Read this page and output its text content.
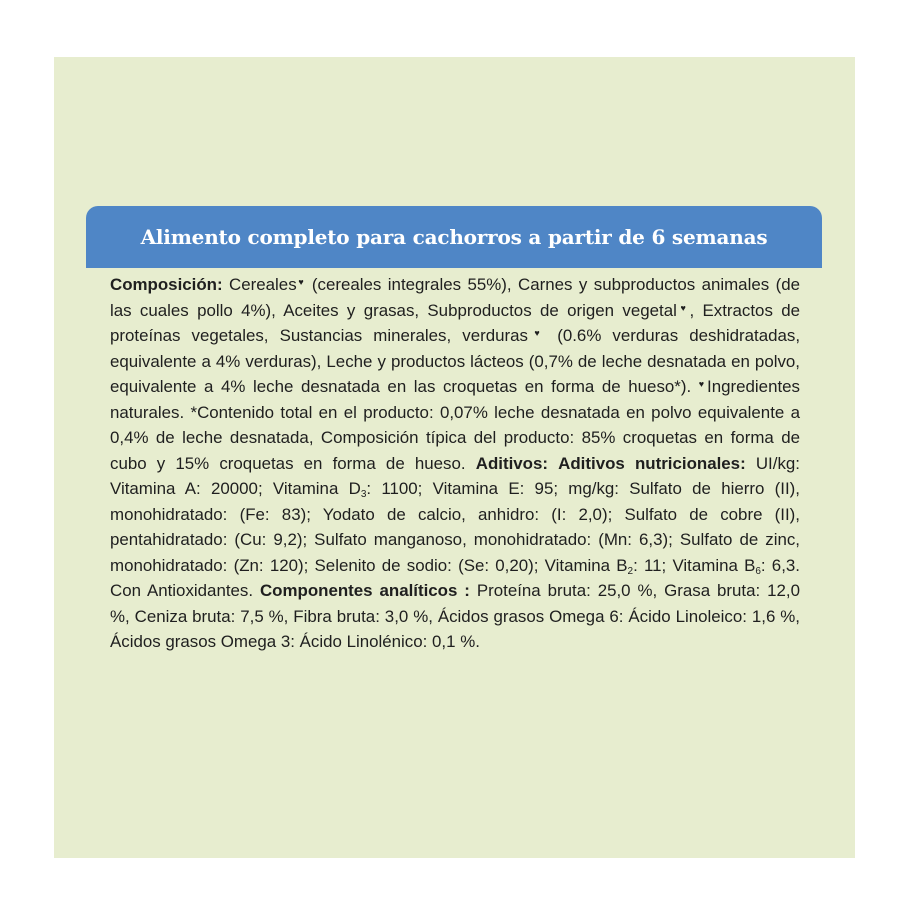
Alimento completo para cachorros a partir de 6 semanas
Composición: Cereales♥ (cereales integrales 55%), Carnes y subproductos animales (de las cuales pollo 4%), Aceites y grasas, Subproductos de origen vegetal♥, Extractos de proteínas vegetales, Sustancias minerales, verduras♥ (0.6% verduras deshidratadas, equivalente a 4% verduras), Leche y productos lácteos (0,7% de leche desnatada en polvo, equivalente a 4% leche desnatada en las croquetas en forma de hueso*). ♥Ingredientes naturales. *Contenido total en el producto: 0,07% leche desnatada en polvo equivalente a 0,4% de leche desnatada, Composición típica del producto: 85% croquetas en forma de cubo y 15% croquetas en forma de hueso. Aditivos: Aditivos nutricionales: UI/kg: Vitamina A: 20000; Vitamina $D_3$: 1100; Vitamina E: 95; mg/kg: Sulfato de hierro (II), monohidratado: (Fe: 83); Yodato de calcio, anhidro: (I: 2,0); Sulfato de cobre (II), pentahidratado: (Cu: 9,2); Sulfato manganoso, monohidratado: (Mn: 6,3); Sulfato de zinc, monohidratado: (Zn: 120); Selenito de sodio: (Se: 0,20); Vitamina $B_2$: 11; Vitamina $B_6$: 6,3. Con Antioxidantes. Componentes analíticos : Proteína bruta: 25,0 %, Grasa bruta: 12,0 %, Ceniza bruta: 7,5 %, Fibra bruta: 3,0 %, Ácidos grasos Omega 6: Ácido Linoleico: 1,6 %, Ácidos grasos Omega 3: Ácido Linolénico: 0,1 %.
